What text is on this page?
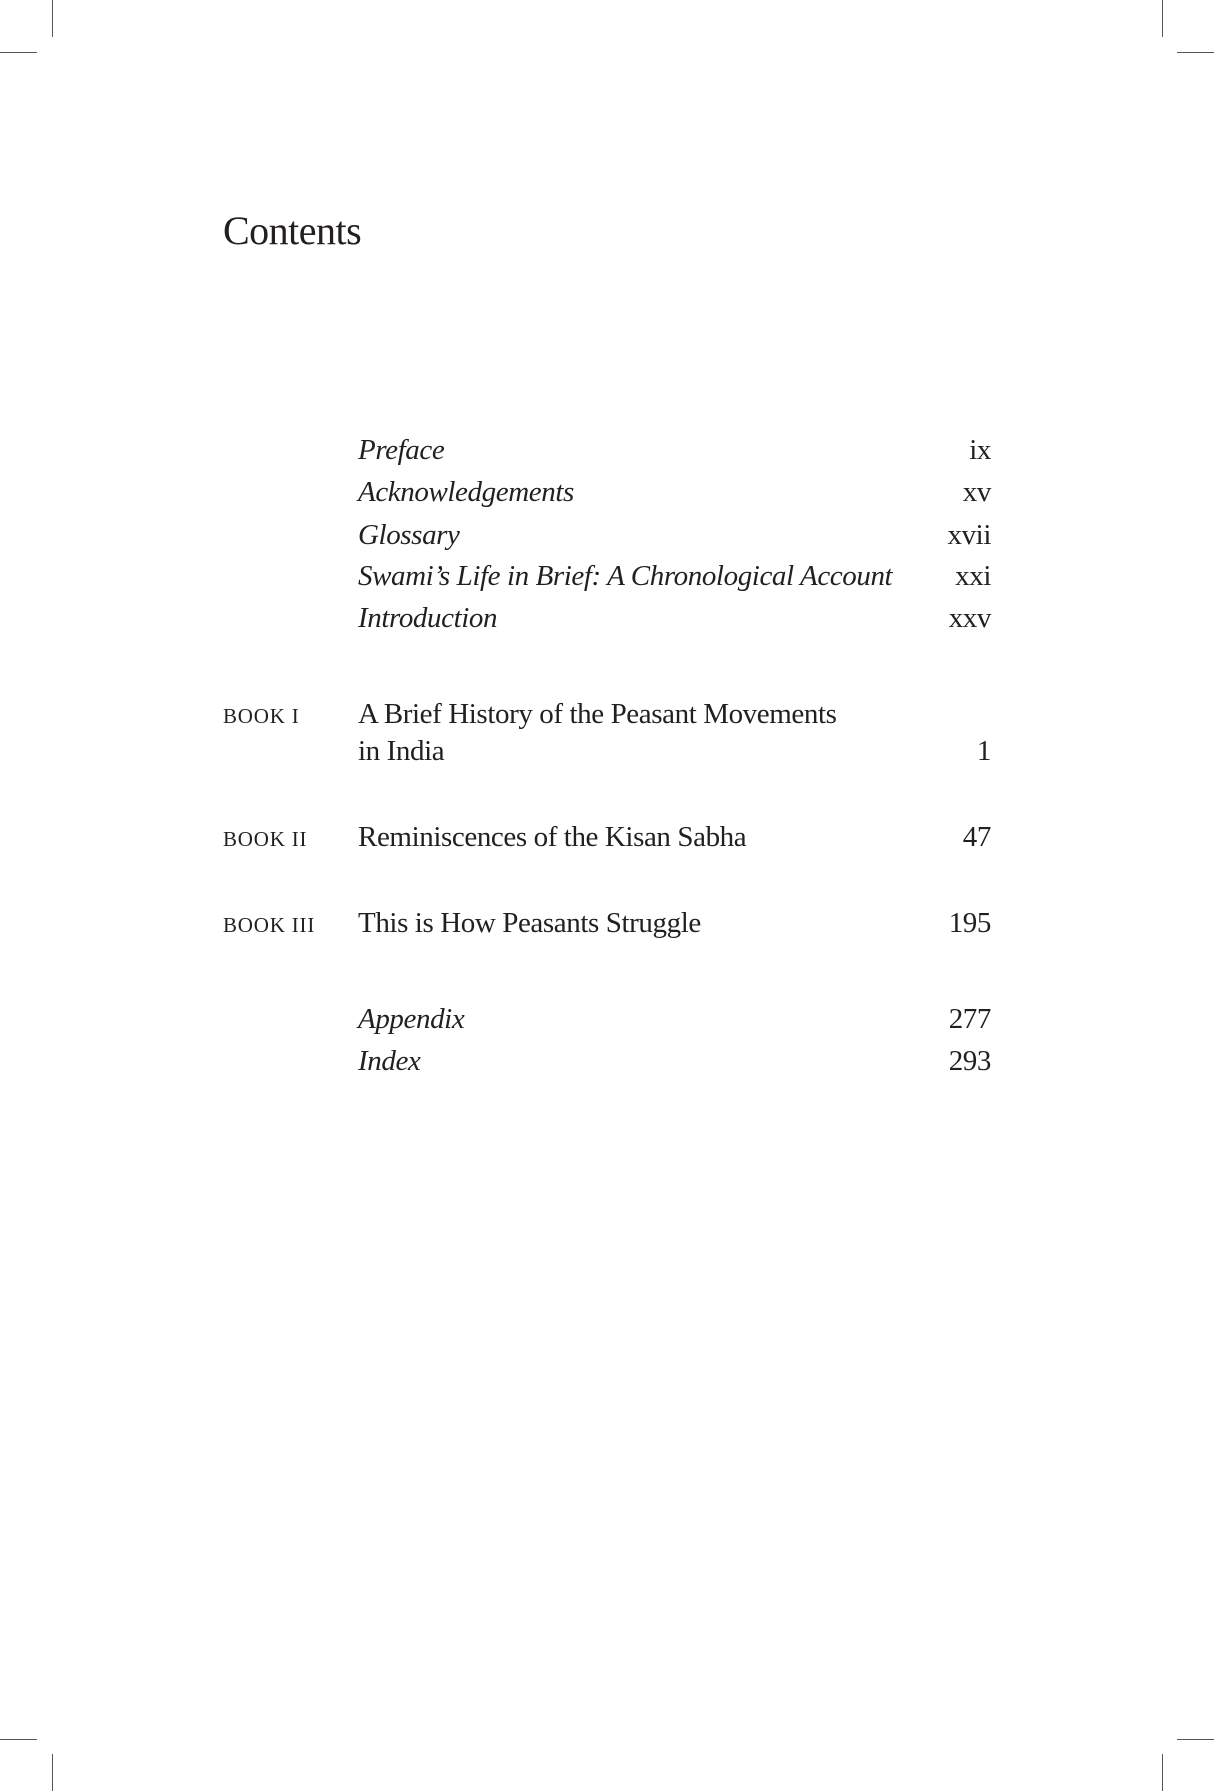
Contents
Preface	ix
Acknowledgements	xv
Glossary	xvii
Swami’s Life in Brief: A Chronological Account xxi
Introduction	xxv
BOOK I A Brief History of the Peasant Movements
in India	1
BOOK II Reminiscences of the Kisan Sabha	47
BOOK III This is How Peasants Struggle	195
Appendix	277
Index	293
